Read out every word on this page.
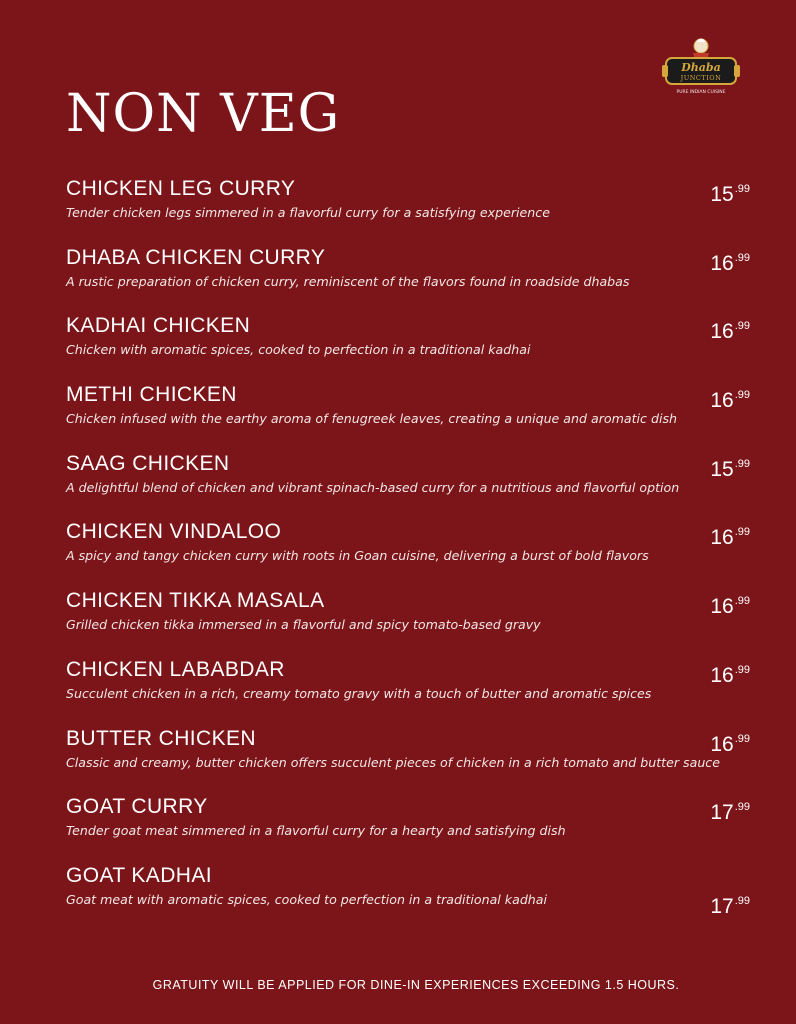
NON VEG
Dhaba
JUNCTION
PURE INDIAN CUISINE
CHICKEN LEG CURRY
Tender chicken legs simmered in a flavorful curry for a satisfying experience
$15^{.99}$
DHABA CHICKEN CURRY
A rustic preparation of chicken curry, reminiscent of the flavors found in roadside dhabas
$16^{.99}$
KADHAI CHICKEN
Chicken with aromatic spices, cooked to perfection in a traditional kadhai
$16^{.99}$
METHI CHICKEN
Chicken infused with the earthy aroma of fenugreek leaves, creating a unique and aromatic dish
$16^{.99}$
SAAG CHICKEN
A delightful blend of chicken and vibrant spinach-based curry for a nutritious and flavorful option
$15^{.99}$
CHICKEN VINDALOO
A spicy and tangy chicken curry with roots in Goan cuisine, delivering a burst of bold flavors
$16^{.99}$
CHICKEN TIKKA MASALA
Grilled chicken tikka immersed in a flavorful and spicy tomato-based gravy
$16^{.99}$
CHICKEN LABABDAR
Succulent chicken in a rich, creamy tomato gravy with a touch of butter and aromatic spices
$16^{.99}$
BUTTER CHICKEN
Classic and creamy, butter chicken offers succulent pieces of chicken in a rich tomato and butter sauce
$16^{.99}$
GOAT CURRY
Tender goat meat simmered in a flavorful curry for a hearty and satisfying dish
$17^{.99}$
GOAT KADHAI
Goat meat with aromatic spices, cooked to perfection in a traditional kadhai	$17^{.99}$
GRATUITY WILL BE APPLIED FOR DINE-IN EXPERIENCES EXCEEDING 1.5 HOURS.
